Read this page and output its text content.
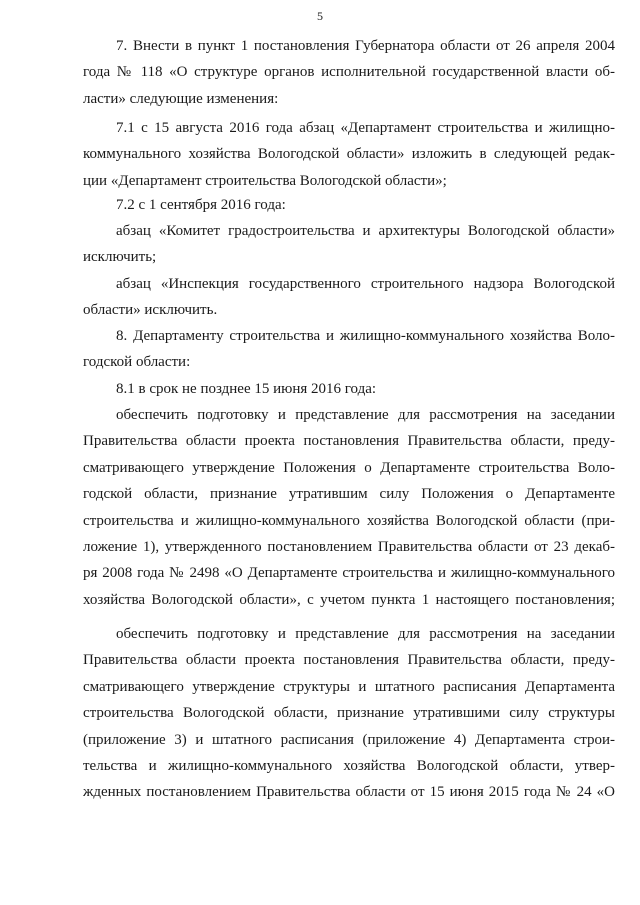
5
7. Внести в пункт 1 постановления Губернатора области от 26 апреля 2004
года № 118 «О структуре органов исполнительной государственной власти об-
ласти» следующие изменения:
7.1 с 15 августа 2016 года абзац «Департамент строительства и жилищно-
коммунального хозяйства Вологодской области» изложить в следующей редак-
ции «Департамент строительства Вологодской области»;
7.2 с 1 сентября 2016 года:
абзац «Комитет градостроительства и архитектуры Вологодской области»
исключить;
абзац «Инспекция государственного строительного надзора Вологодской
области» исключить.
8. Департаменту строительства и жилищно-коммунального хозяйства Воло-
годской области:
8.1 в срок не позднее 15 июня 2016 года:
обеспечить подготовку и представление для рассмотрения на заседании
Правительства области проекта постановления Правительства области, преду-
сматривающего утверждение Положения о Департаменте строительства Воло-
годской области, признание утратившим силу Положения о Департаменте
строительства и жилищно-коммунального хозяйства Вологодской области (при-
ложение 1), утвержденного постановлением Правительства области от 23 декаб-
ря 2008 года № 2498 «О Департаменте строительства и жилищно-коммунального
хозяйства Вологодской области», с учетом пункта 1 настоящего постановления;
обеспечить подготовку и представление для рассмотрения на заседании
Правительства области проекта постановления Правительства области, преду-
сматривающего утверждение структуры и штатного расписания Департамента
строительства Вологодской области, признание утратившими силу структуры
(приложение 3) и штатного расписания (приложение 4) Департамента строи-
тельства и жилищно-коммунального хозяйства Вологодской области, утвер-
жденных постановлением Правительства области от 15 июня 2015 года № 24 «О
